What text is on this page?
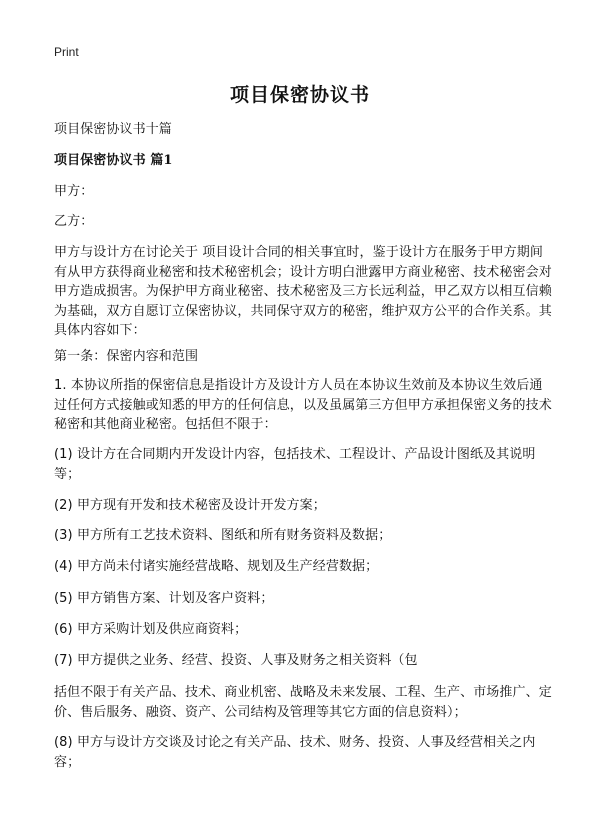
Print
项目保密协议书
项目保密协议书十篇
项目保密协议书 篇1
甲方：
乙方：
甲方与设计方在讨论关于 项目设计合同的相关事宜时，鉴于设计方在服务于甲方期间有从甲方获得商业秘密和技术秘密机会；设计方明白泄露甲方商业秘密、技术秘密会对甲方造成损害。为保护甲方商业秘密、技术秘密及三方长远利益，甲乙双方以相互信赖为基础，双方自愿订立保密协议，共同保守双方的秘密，维护双方公平的合作关系。其具体内容如下：
第一条：保密内容和范围
1. 本协议所指的保密信息是指设计方及设计方人员在本协议生效前及本协议生效后通过任何方式接触或知悉的甲方的任何信息，以及虽属第三方但甲方承担保密义务的技术秘密和其他商业秘密。包括但不限于：
(1) 设计方在合同期内开发设计内容，包括技术、工程设计、产品设计图纸及其说明等；
(2) 甲方现有开发和技术秘密及设计开发方案；
(3) 甲方所有工艺技术资料、图纸和所有财务资料及数据；
(4) 甲方尚未付诸实施经营战略、规划及生产经营数据；
(5) 甲方销售方案、计划及客户资料；
(6) 甲方采购计划及供应商资料；
(7) 甲方提供之业务、经营、投资、人事及财务之相关资料（包
括但不限于有关产品、技术、商业机密、战略及未来发展、工程、生产、市场推广、定价、售后服务、融资、资产、公司结构及管理等其它方面的信息资料）；
(8) 甲方与设计方交谈及讨论之有关产品、技术、财务、投资、人事及经营相关之内容；
